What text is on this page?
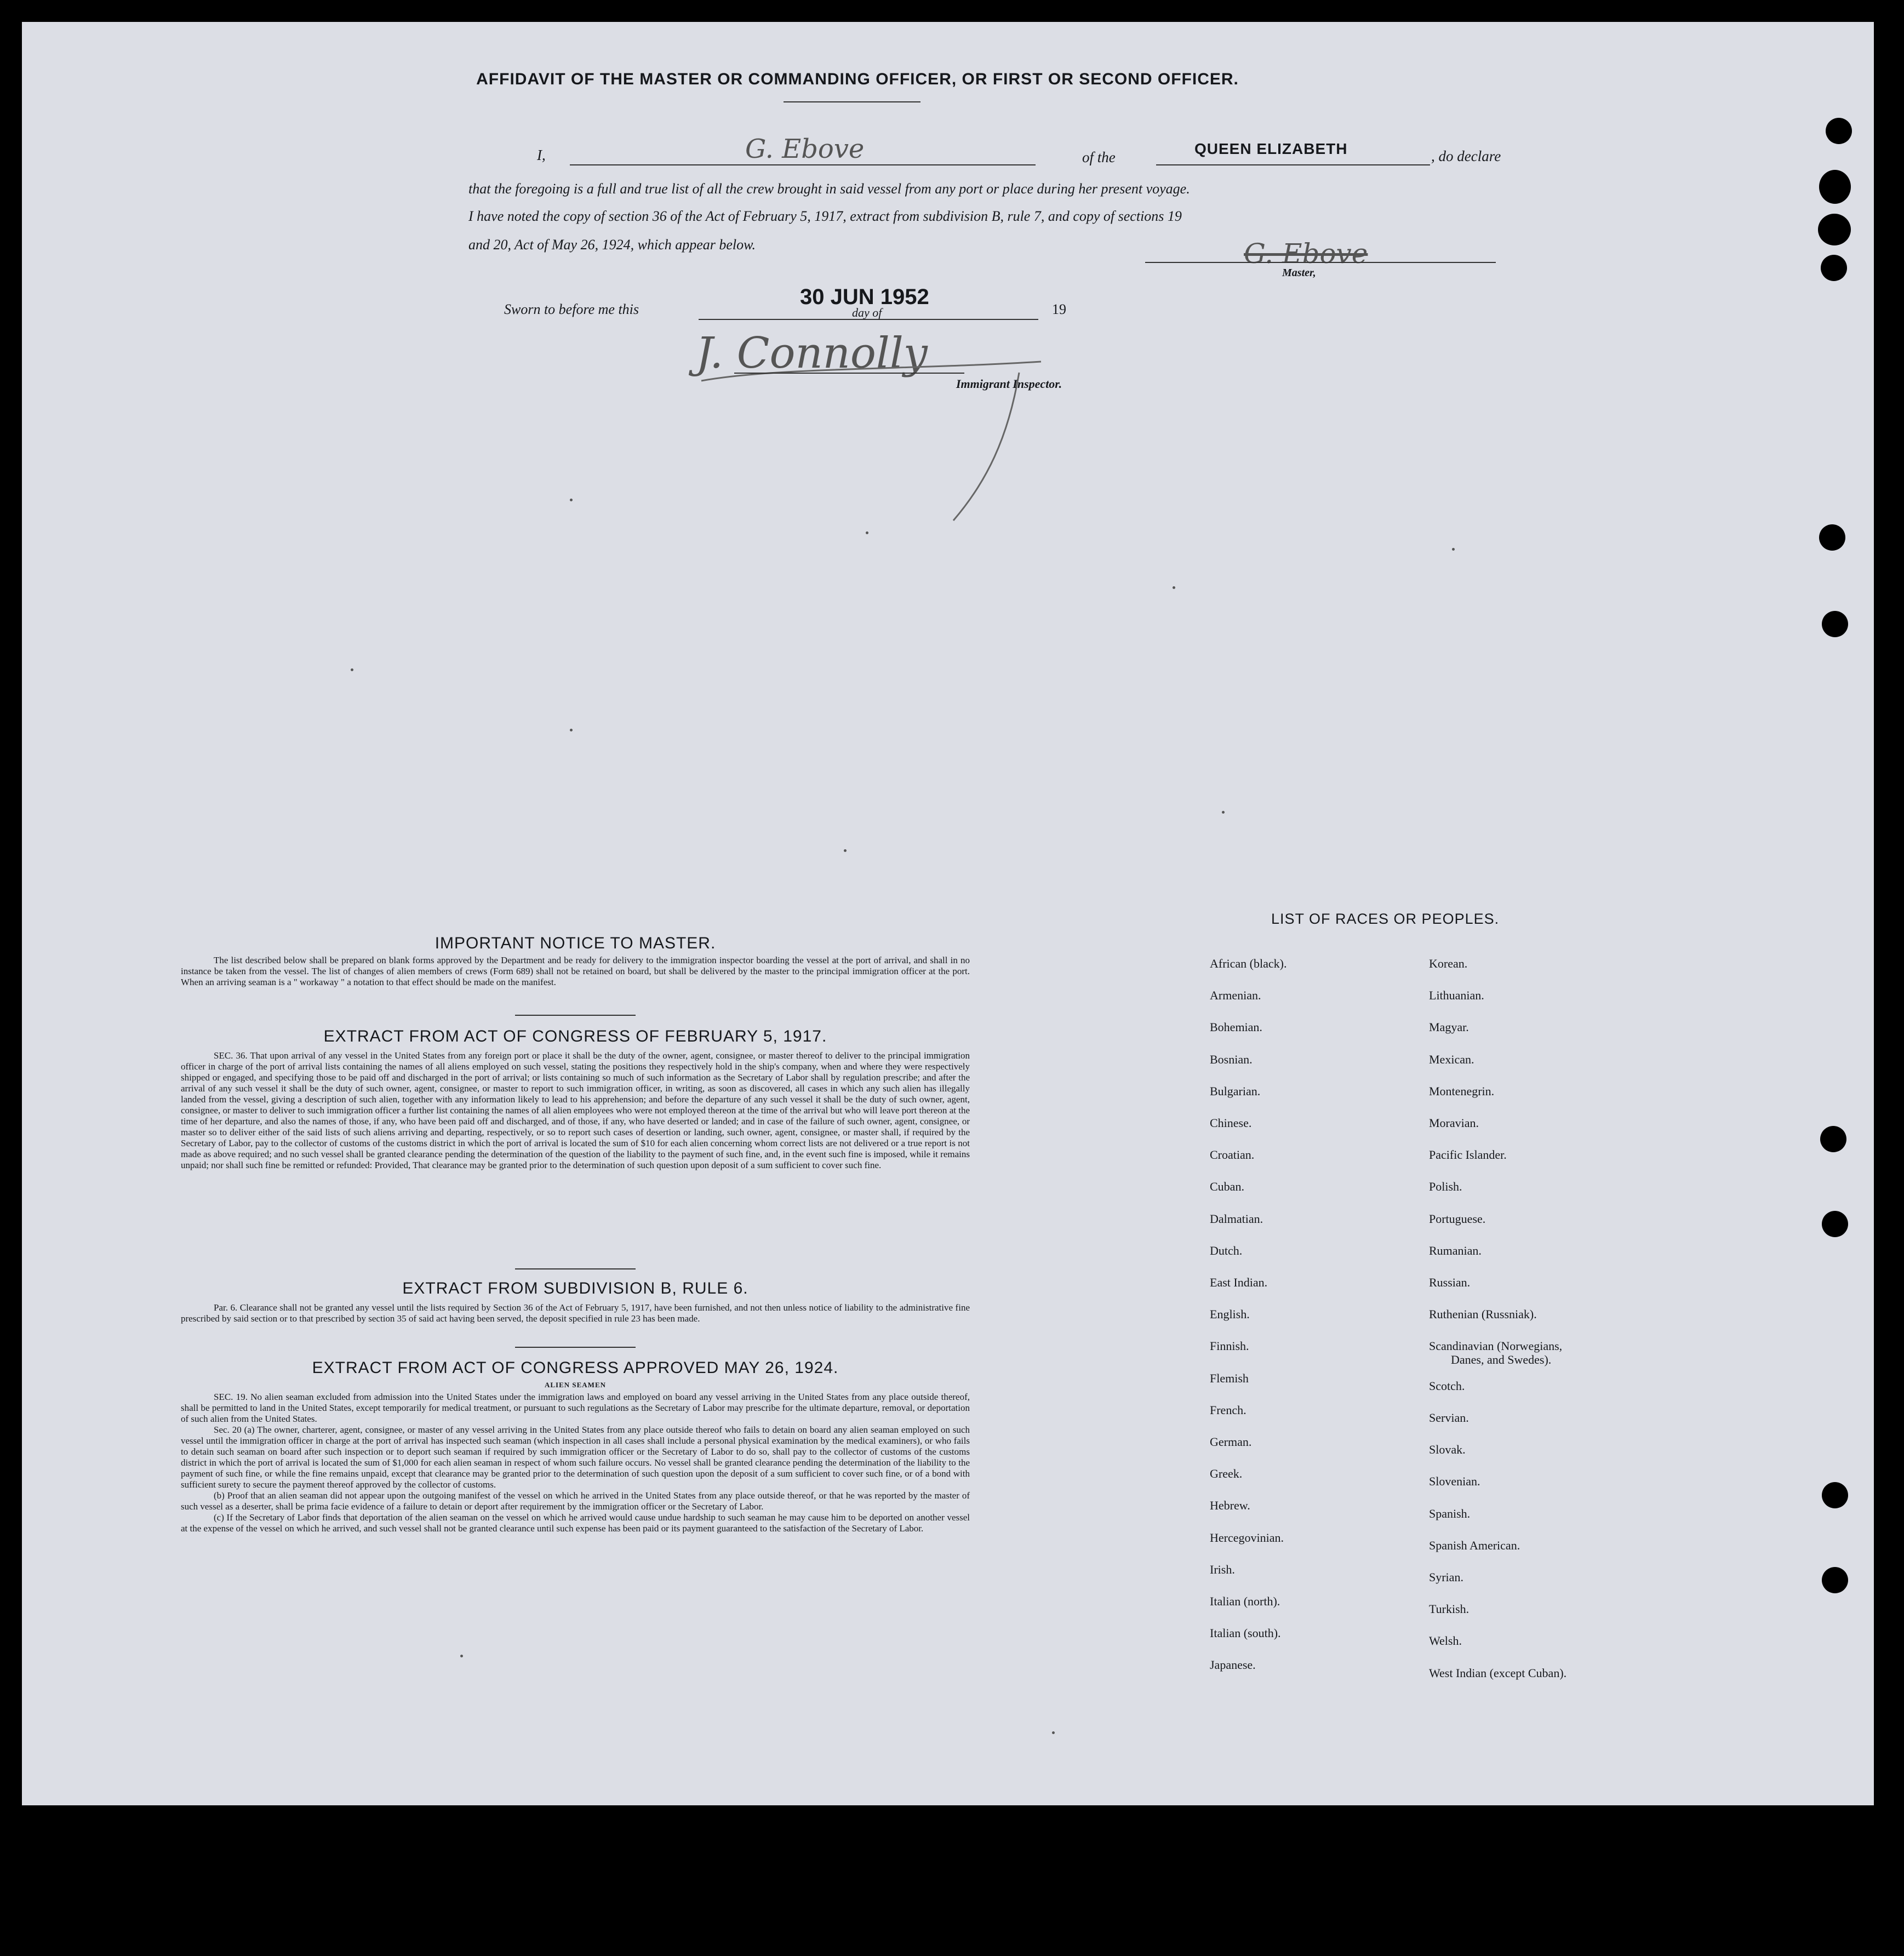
AFFIDAVIT OF THE MASTER OR COMMANDING OFFICER, OR FIRST OR SECOND OFFICER.
I,	G. Ebove	of the	QUEEN ELIZABETH	, do declare
that the foregoing is a full and true list of all the crew brought in said vessel from any port or place during her present voyage.
I have noted the copy of section 36 of the Act of February 5, 1917, extract from subdivision B, rule 7, and copy of sections 19
and 20, Act of May 26, 1924, which appear below.	G. Ebove
Master,
Sworn to before me this
30 JUN 1952
day of	19
J. Connolly
Immigrant Inspector.
IMPORTANT NOTICE TO MASTER.
The list described below shall be prepared on blank forms approved by the Department and be ready for delivery to the immigration inspector boarding the vessel at the port of arrival, and shall in no instance be taken from the vessel. The list of changes of alien members of crews (Form 689) shall not be retained on board, but shall be delivered by the master to the principal immigration officer at the port. When an arriving seaman is a " workaway " a notation to that effect should be made on the manifest.
EXTRACT FROM ACT OF CONGRESS OF FEBRUARY 5, 1917.
SEC. 36. That upon arrival of any vessel in the United States from any foreign port or place it shall be the duty of the owner, agent, consignee, or master thereof to deliver to the principal immigration officer in charge of the port of arrival lists containing the names of all aliens employed on such vessel, stating the positions they respectively hold in the ship's company, when and where they were respectively shipped or engaged, and specifying those to be paid off and discharged in the port of arrival; or lists containing so much of such information as the Secretary of Labor shall by regulation prescribe; and after the arrival of any such vessel it shall be the duty of such owner, agent, consignee, or master to report to such immigration officer, in writing, as soon as discovered, all cases in which any such alien has illegally landed from the vessel, giving a description of such alien, together with any information likely to lead to his apprehension; and before the departure of any such vessel it shall be the duty of such owner, agent, consignee, or master to deliver to such immigration officer a further list containing the names of all alien employees who were not employed thereon at the time of the arrival but who will leave port thereon at the time of her departure, and also the names of those, if any, who have been paid off and discharged, and of those, if any, who have deserted or landed; and in case of the failure of such owner, agent, consignee, or master so to deliver either of the said lists of such aliens arriving and departing, respectively, or so to report such cases of desertion or landing, such owner, agent, consignee, or master shall, if required by the Secretary of Labor, pay to the collector of customs of the customs district in which the port of arrival is located the sum of $10 for each alien concerning whom correct lists are not delivered or a true report is not made as above required; and no such vessel shall be granted clearance pending the determination of the question of the liability to the payment of such fine, and, in the event such fine is imposed, while it remains unpaid; nor shall such fine be remitted or refunded: Provided, That clearance may be granted prior to the determination of such question upon deposit of a sum sufficient to cover such fine.
EXTRACT FROM SUBDIVISION B, RULE 6.
Par. 6. Clearance shall not be granted any vessel until the lists required by Section 36 of the Act of February 5, 1917, have been furnished, and not then unless notice of liability to the administrative fine prescribed by said section or to that prescribed by section 35 of said act having been served, the deposit specified in rule 23 has been made.
EXTRACT FROM ACT OF CONGRESS APPROVED MAY 26, 1924.
ALIEN SEAMEN
SEC. 19. No alien seaman excluded from admission into the United States under the immigration laws and employed on board any vessel arriving in the United States from any place outside thereof, shall be permitted to land in the United States, except temporarily for medical treatment, or pursuant to such regulations as the Secretary of Labor may prescribe for the ultimate departure, removal, or deportation of such alien from the United States.
Sec. 20 (a) The owner, charterer, agent, consignee, or master of any vessel arriving in the United States from any place outside thereof who fails to detain on board any alien seaman employed on such vessel until the immigration officer in charge at the port of arrival has inspected such seaman (which inspection in all cases shall include a personal physical examination by the medical examiners), or who fails to detain such seaman on board after such inspection or to deport such seaman if required by such immigration officer or the Secretary of Labor to do so, shall pay to the collector of customs of the customs district in which the port of arrival is located the sum of $1,000 for each alien seaman in respect of whom such failure occurs. No vessel shall be granted clearance pending the determination of the liability to the payment of such fine, or while the fine remains unpaid, except that clearance may be granted prior to the determination of such question upon the deposit of a sum sufficient to cover such fine, or of a bond with sufficient surety to secure the payment thereof approved by the collector of customs.
(b) Proof that an alien seaman did not appear upon the outgoing manifest of the vessel on which he arrived in the United States from any place outside thereof, or that he was reported by the master of such vessel as a deserter, shall be prima facie evidence of a failure to detain or deport after requirement by the immigration officer or the Secretary of Labor.
(c) If the Secretary of Labor finds that deportation of the alien seaman on the vessel on which he arrived would cause undue hardship to such seaman he may cause him to be deported on another vessel at the expense of the vessel on which he arrived, and such vessel shall not be granted clearance until such expense has been paid or its payment guaranteed to the satisfaction of the Secretary of Labor.
LIST OF RACES OR PEOPLES.
African (black).
Armenian.
Bohemian.
Bosnian.
Bulgarian.
Chinese.
Croatian.
Cuban.
Dalmatian.
Dutch.
East Indian.
English.
Finnish.
Flemish
French.
German.
Greek.
Hebrew.
Hercegovinian.
Irish.
Italian (north).
Italian (south).
Japanese.
Korean.
Lithuanian.
Magyar.
Mexican.
Montenegrin.
Moravian.
Pacific Islander.
Polish.
Portuguese.
Rumanian.
Russian.
Ruthenian (Russniak).
Scandinavian (Norwegians,
Danes, and Swedes).
Scotch.
Servian.
Slovak.
Slovenian.
Spanish.
Spanish American.
Syrian.
Turkish.
Welsh.
West Indian (except Cuban).
